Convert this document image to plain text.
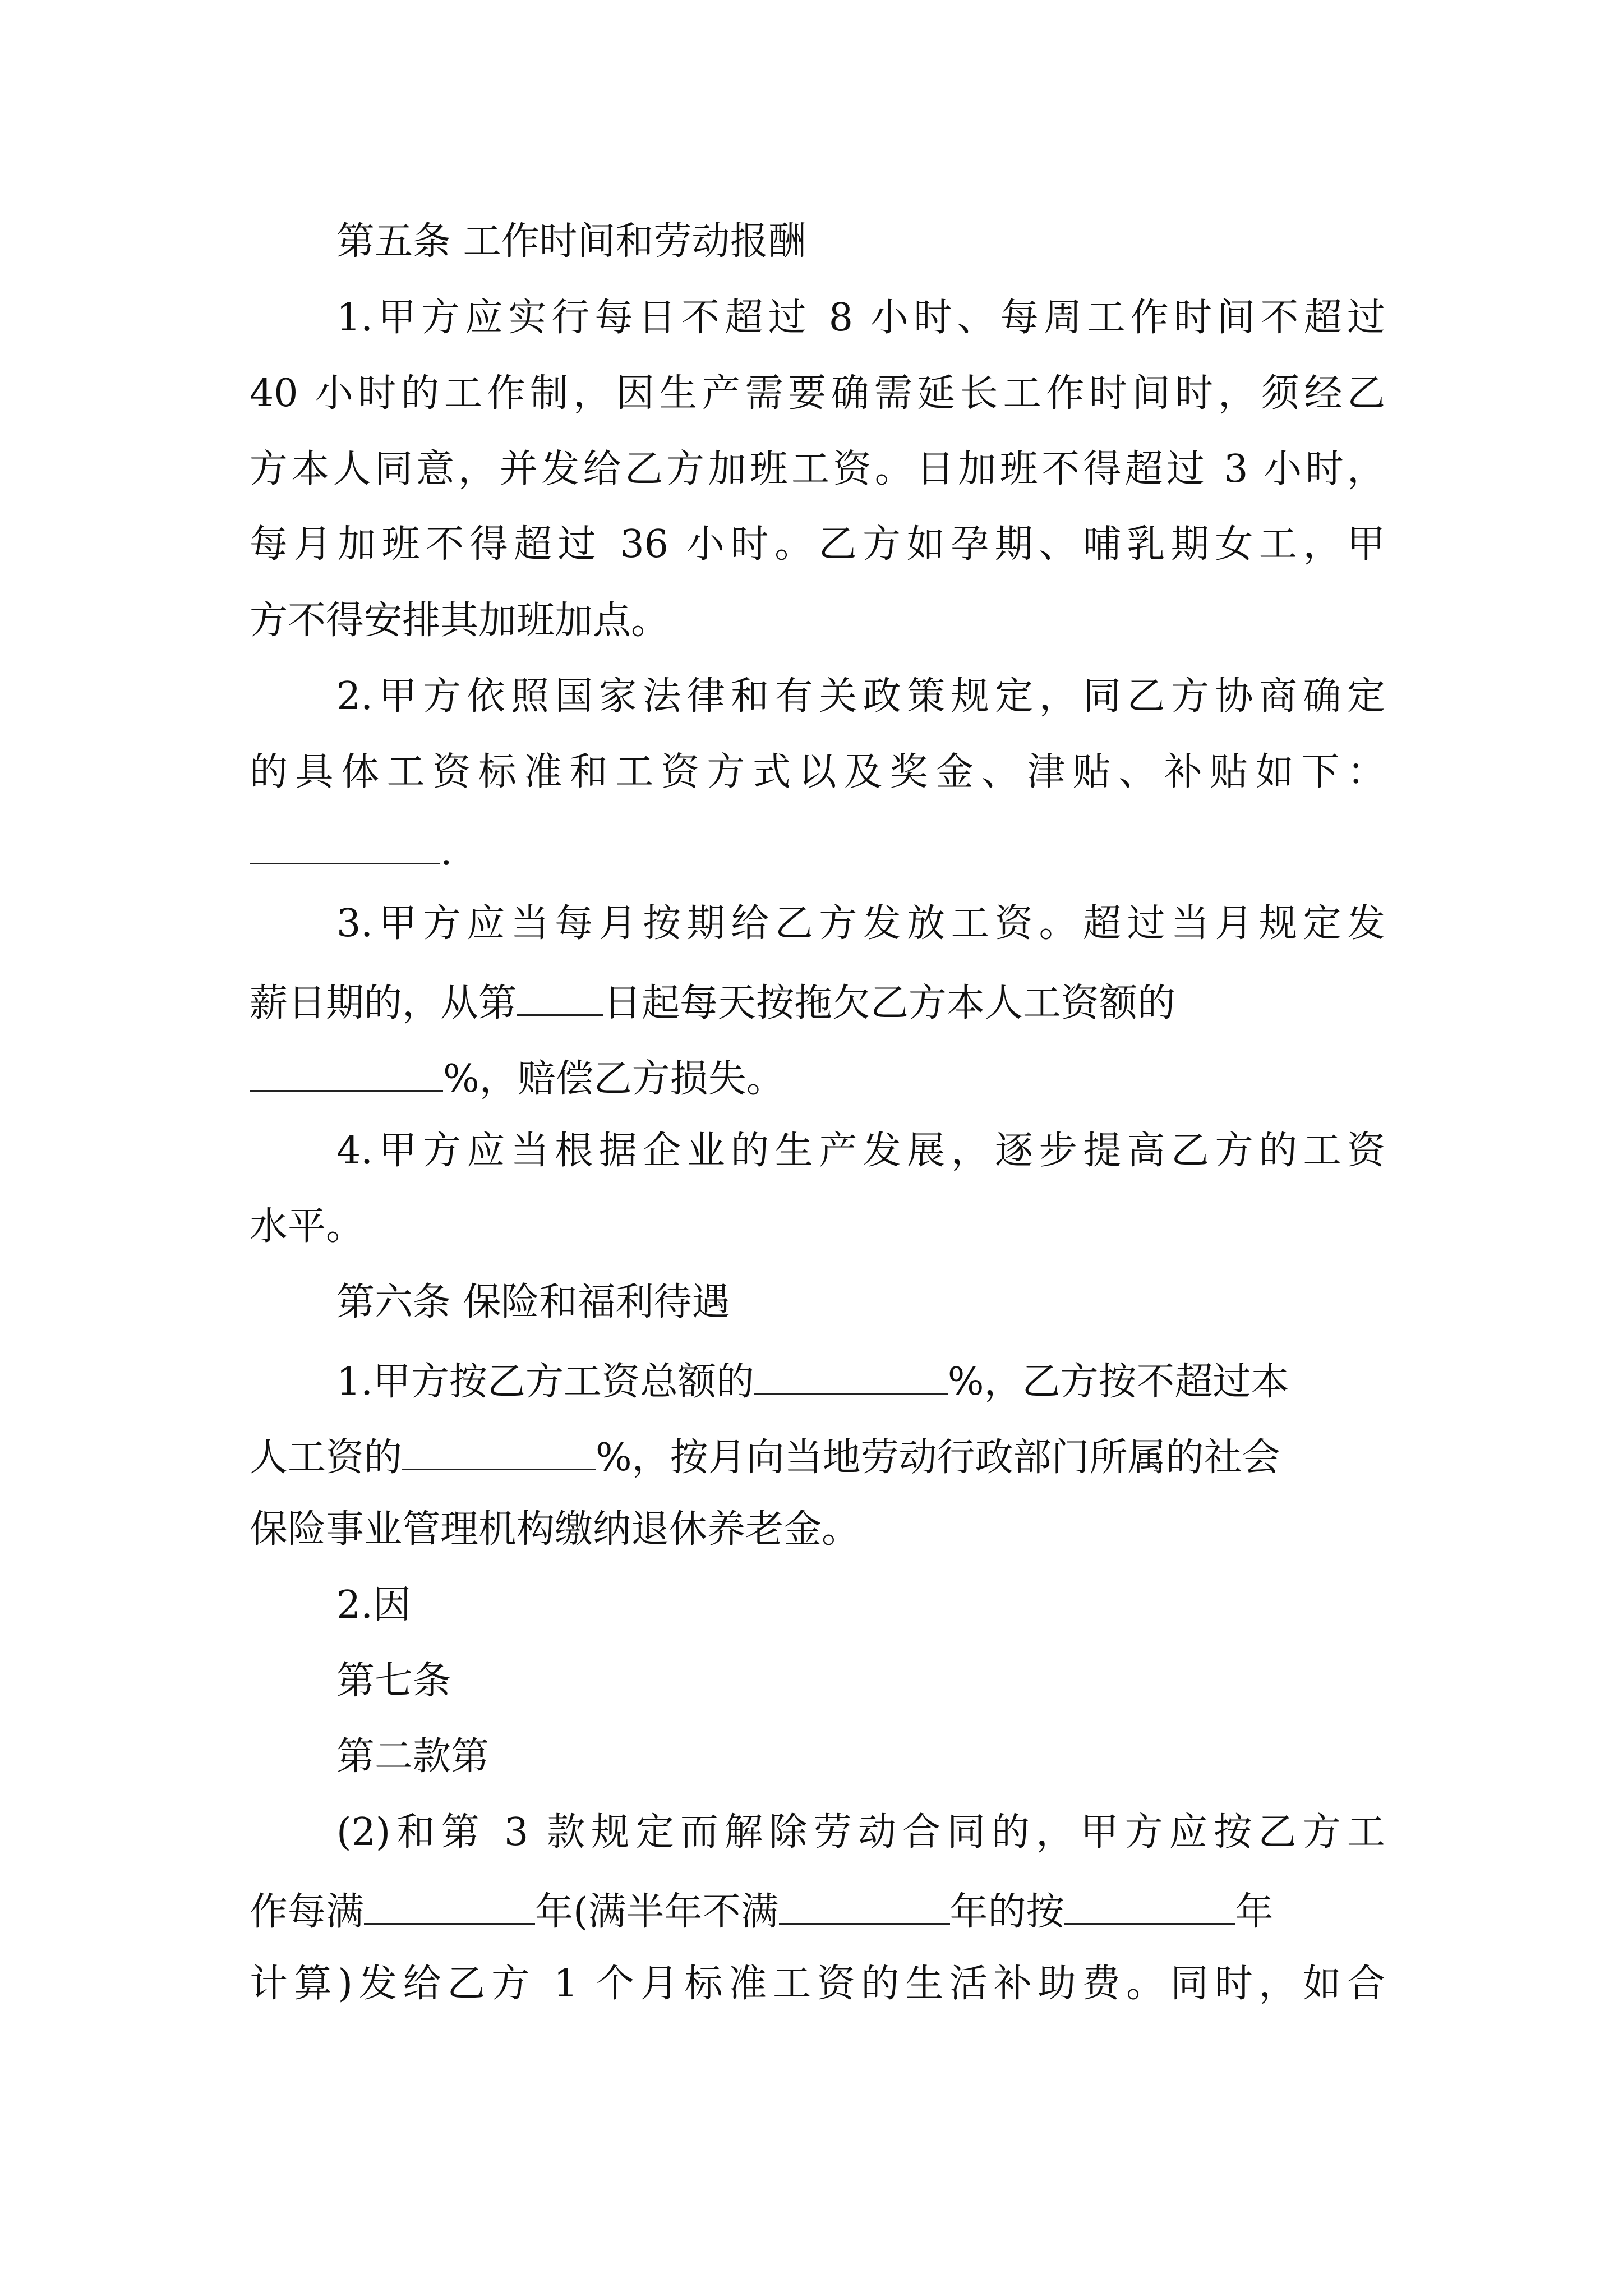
第五条 工作时间和劳动报酬
1.甲方应实行每日不超过 8 小时、每周工作时间不超过
40 小时的工作制，因生产需要确需延长工作时间时，须经乙
方本人同意，并发给乙方加班工资。日加班不得超过 3 小时，
每月加班不得超过 36 小时。乙方如孕期、哺乳期女工，甲
方不得安排其加班加点。
2.甲方依照国家法律和有关政策规定，同乙方协商确定
的具体工资标准和工资方式以及奖金、津贴、补贴如下：
.
3.甲方应当每月按期给乙方发放工资。超过当月规定发
薪日期的，从第 日起每天按拖欠乙方本人工资额的
%，赔偿乙方损失。
4.甲方应当根据企业的生产发展，逐步提高乙方的工资
水平。
第六条 保险和福利待遇
1.甲方按乙方工资总额的	%，乙方按不超过本
人工资的	%，按月向当地劳动行政部门所属的社会
保险事业管理机构缴纳退休养老金。
2.因
第七条
第二款第
(2)和第 3 款规定而解除劳动合同的，甲方应按乙方工
作每满	年(满半年不满	年的按	年
计算)发给乙方 1 个月标准工资的生活补助费。同时，如合
